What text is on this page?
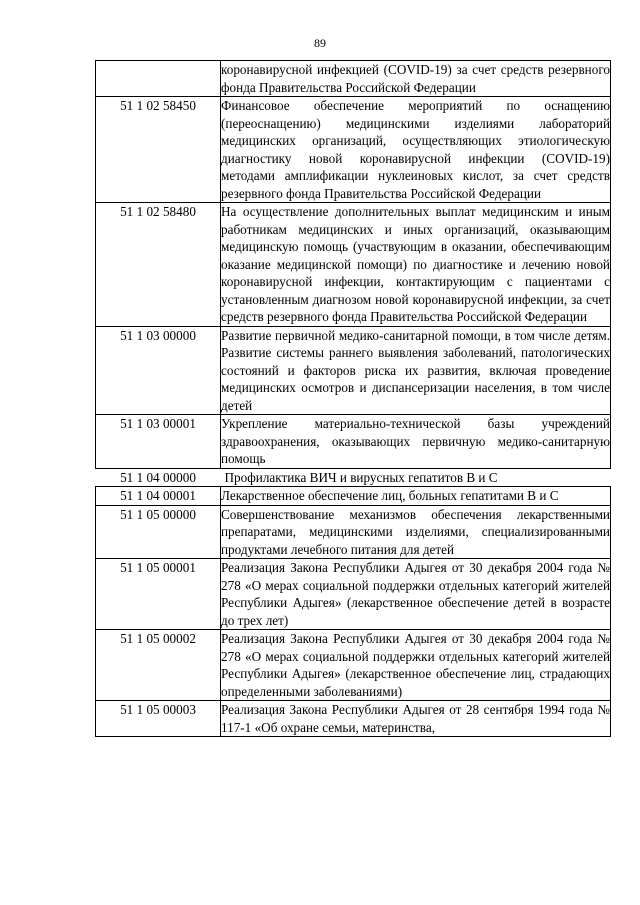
89
	коронавирусной инфекцией (COVID-19) за счет средств резервного фонда Правительства Российской Федерации
51 1 02 58450	Финансовое обеспечение мероприятий по оснащению (переоснащению) медицинскими изделиями лабораторий медицинских организаций, осуществляющих этиологическую диагностику новой коронавирусной инфекции (COVID-19) методами амплификации нуклеиновых кислот, за счет средств резервного фонда Правительства Российской Федерации
51 1 02 58480	На осуществление дополнительных выплат медицинским и иным работникам медицинских и иных организаций, оказывающим медицинскую помощь (участвующим в оказании, обеспечивающим оказание медицинской помощи) по диагностике и лечению новой коронавирусной инфекции, контактирующим с пациентами с установленным диагнозом новой коронавирусной инфекции, за счет средств резервного фонда Правительства Российской Федерации
51 1 03 00000	Развитие первичной медико-санитарной помощи, в том числе детям. Развитие системы раннего выявления заболеваний, патологических состояний и факторов риска их развития, включая проведение медицинских осмотров и диспансеризации населения, в том числе детей
51 1 03 00001	Укрепление материально-технической базы учреждений здравоохранения, оказывающих первичную медико-санитарную помощь
51 1 04 00000	Профилактика ВИЧ и вирусных гепатитов В и С
51 1 04 00001	Лекарственное обеспечение лиц, больных гепатитами В и С
51 1 05 00000	Совершенствование механизмов обеспечения лекарственными препаратами, медицинскими изделиями, специализированными продуктами лечебного питания для детей
51 1 05 00001	Реализация Закона Республики Адыгея от 30 декабря 2004 года № 278 «О мерах социальной поддержки отдельных категорий жителей Республики Адыгея» (лекарственное обеспечение детей в возрасте до трех лет)
51 1 05 00002	Реализация Закона Республики Адыгея от 30 декабря 2004 года № 278 «О мерах социальной поддержки отдельных категорий жителей Республики Адыгея» (лекарственное обеспечение лиц, страдающих определенными заболеваниями)
51 1 05 00003	Реализация Закона Республики Адыгея от 28 сентября 1994 года № 117-1 «Об охране семьи, материнства,
